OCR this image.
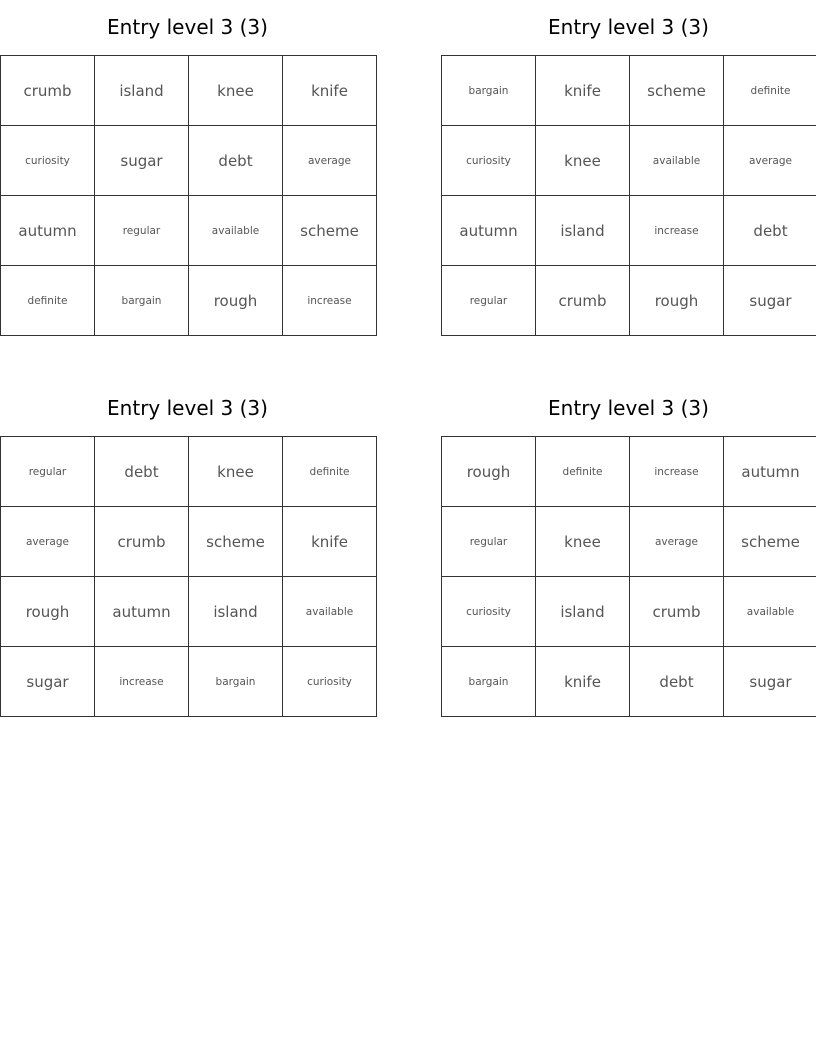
Entry level 3 (3)
crumb	island	knee	knife
curiosity	sugar	debt	average
autumn	regular	available	scheme
definite	bargain	rough	increase
Entry level 3 (3)
bargain	knife	scheme	definite
curiosity	knee	available	average
autumn	island	increase	debt
regular	crumb	rough	sugar
Entry level 3 (3)
regular	debt	knee	definite
average	crumb	scheme	knife
rough	autumn	island	available
sugar	increase	bargain	curiosity
Entry level 3 (3)
rough	definite	increase	autumn
regular	knee	average	scheme
curiosity	island	crumb	available
bargain	knife	debt	sugar
